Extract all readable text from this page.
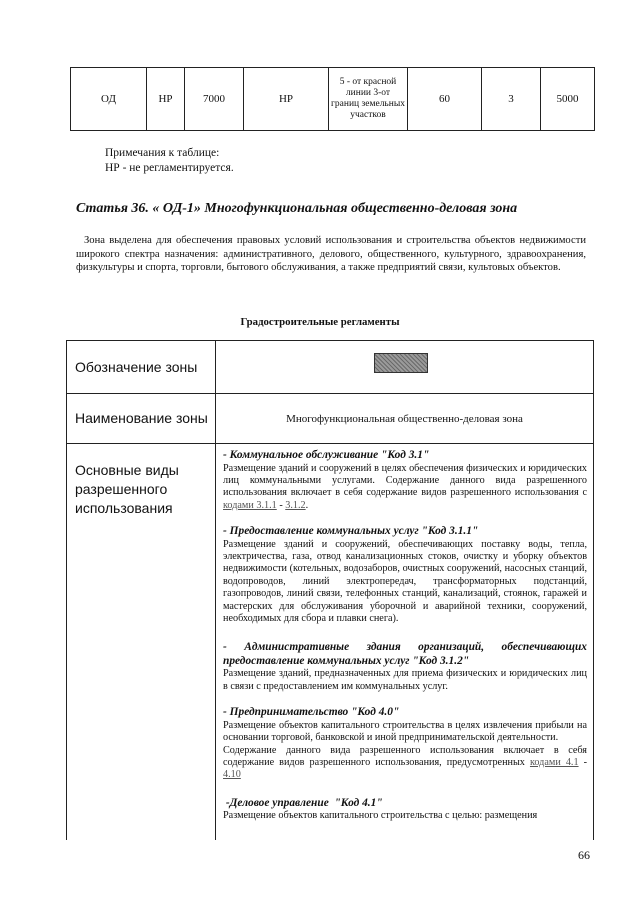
ОД	НР	7000	НР	5 - от красной линии 3-от границ земельных участков	60	3	5000
Примечания к таблице:
НР - не регламентируется.
Статья 36. « ОД-1» Многофункциональная общественно-деловая зона
Зона выделена для обеспечения правовых условий использования и строительства объектов недвижимости широкого спектра назначения: административного, делового, общественного, культурного, здравоохранения, физкультуры и спорта, торговли, бытового обслуживания, а также предприятий связи, культовых объектов.
Градостроительные регламенты
Обозначение зоны
Наименование зоны	Многофункциональная общественно-деловая зона
Основные виды разрешенного использования

- Коммунальное обслуживание "Код 3.1"

Размещение зданий и сооружений в целях обеспечения физических и юридических лиц коммунальными услугами. Содержание данного вида разрешенного использования включает в себя содержание видов разрешенного использования с кодами 3.1.1 - 3.1.2.

- Предоставление коммунальных услуг "Код 3.1.1"

Размещение зданий и сооружений, обеспечивающих поставку воды, тепла, электричества, газа, отвод канализационных стоков, очистку и уборку объектов недвижимости (котельных, водозаборов, очистных сооружений, насосных станций, водопроводов, линий электропередач, трансформаторных подстанций, газопроводов, линий связи, телефонных станций, канализаций, стоянок, гаражей и мастерских для обслуживания уборочной и аварийной техники, сооружений, необходимых для сбора и плавки снега).

- Административные здания организаций, обеспечивающих предоставление коммунальных услуг "Код 3.1.2"

Размещение зданий, предназначенных для приема физических и юридических лиц в связи с предоставлением им коммунальных услуг.

- Предпринимательство "Код 4.0"

Размещение объектов капитального строительства в целях извлечения прибыли на основании торговой, банковской и иной предпринимательской деятельности.

Содержание данного вида разрешенного использования включает в себя содержание видов разрешенного использования, предусмотренных кодами 4.1 - 4.10

-Деловое управление  "Код 4.1"

Размещение объектов капитального строительства с целью: размещения

66
